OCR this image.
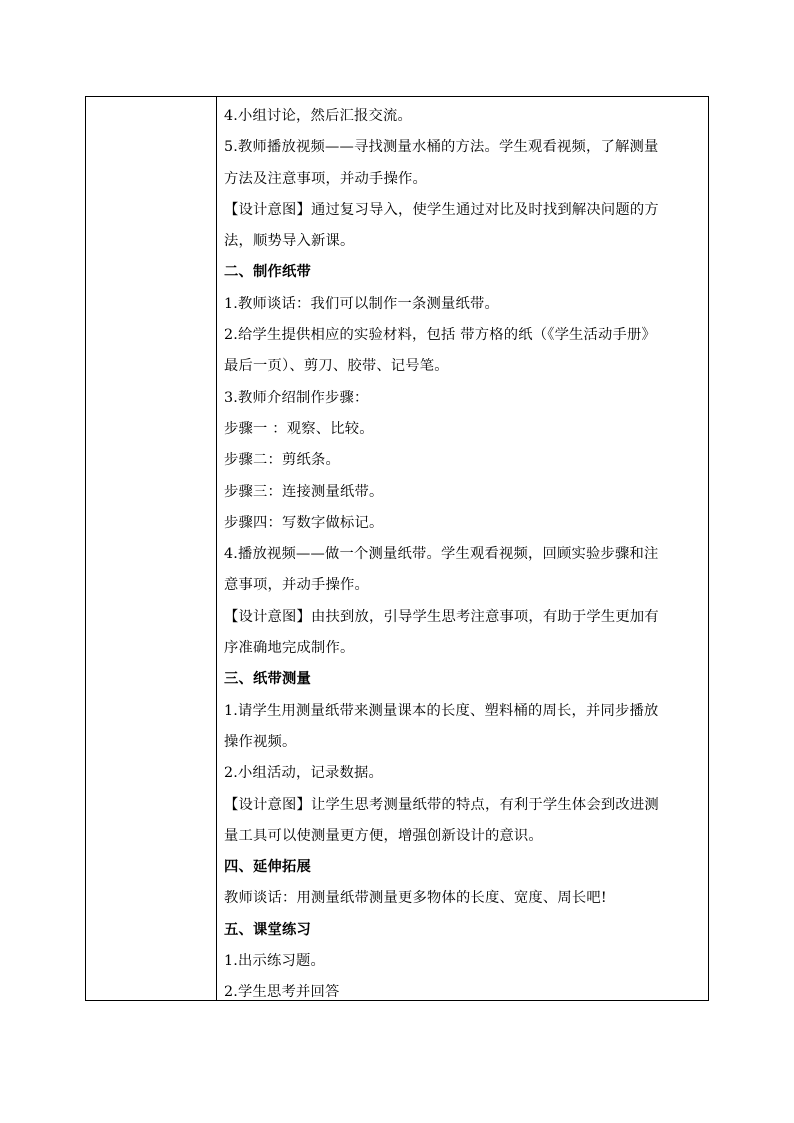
4.小组讨论，然后汇报交流。
5.教师播放视频——寻找测量水桶的方法。学生观看视频，了解测量
方法及注意事项，并动手操作。
【设计意图】通过复习导入，使学生通过对比及时找到解决问题的方
法，顺势导入新课。
二、制作纸带
1.教师谈话：我们可以制作一条测量纸带。
2.给学生提供相应的实验材料，包括 带方格的纸（《学生活动手册》
最后一页）、剪刀、胶带、记号笔。
3.教师介绍制作步骤：
步骤一 ：观察、比较。
步骤二：剪纸条。
步骤三：连接测量纸带。
步骤四：写数字做标记。
4.播放视频——做一个测量纸带。学生观看视频，回顾实验步骤和注
意事项，并动手操作。
【设计意图】由扶到放，引导学生思考注意事项，有助于学生更加有
序准确地完成制作。
三、纸带测量
1.请学生用测量纸带来测量课本的长度、塑料桶的周长，并同步播放
操作视频。
2.小组活动，记录数据。
【设计意图】让学生思考测量纸带的特点，有利于学生体会到改进测
量工具可以使测量更方便，增强创新设计的意识。
四、延伸拓展
教师谈话：用测量纸带测量更多物体的长度、宽度、周长吧!
五、课堂练习
1.出示练习题。
2.学生思考并回答
